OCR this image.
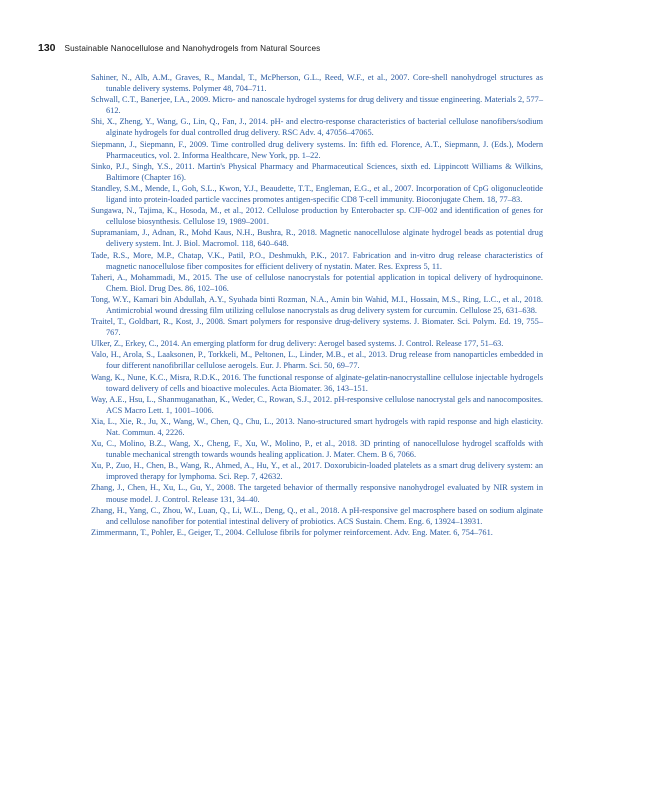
130 Sustainable Nanocellulose and Nanohydrogels from Natural Sources

Sahiner, N., Alb, A.M., Graves, R., Mandal, T., McPherson, G.L., Reed, W.F., et al., 2007. Core-shell nanohydrogel structures as tunable delivery systems. Polymer 48, 704–711.

Schwall, C.T., Banerjee, I.A., 2009. Micro- and nanoscale hydrogel systems for drug delivery and tissue engineering. Materials 2, 577–612.

Shi, X., Zheng, Y., Wang, G., Lin, Q., Fan, J., 2014. pH- and electro-response characteristics of bacterial cellulose nanofibers/sodium alginate hydrogels for dual controlled drug delivery. RSC Adv. 4, 47056–47065.

Siepmann, J., Siepmann, F., 2009. Time controlled drug delivery systems. In: fifth ed. Florence, A.T., Siepmann, J. (Eds.), Modern Pharmaceutics, vol. 2. Informa Healthcare, New York, pp. 1–22.

Sinko, P.J., Singh, Y.S., 2011. Martin's Physical Pharmacy and Pharmaceutical Sciences, sixth ed. Lippincott Williams & Wilkins, Baltimore (Chapter 16).

Standley, S.M., Mende, I., Goh, S.L., Kwon, Y.J., Beaudette, T.T., Engleman, E.G., et al., 2007. Incorporation of CpG oligonucleotide ligand into protein-loaded particle vaccines promotes antigen-specific CD8 T-cell immunity. Bioconjugate Chem. 18, 77–83.

Sungawa, N., Tajima, K., Hosoda, M., et al., 2012. Cellulose production by Enterobacter sp. CJF-002 and identification of genes for cellulose biosynthesis. Cellulose 19, 1989–2001.

Supramaniam, J., Adnan, R., Mohd Kaus, N.H., Bushra, R., 2018. Magnetic nanocellulose alginate hydrogel beads as potential drug delivery system. Int. J. Biol. Macromol. 118, 640–648.

Tade, R.S., More, M.P., Chatap, V.K., Patil, P.O., Deshmukh, P.K., 2017. Fabrication and in-vitro drug release characteristics of magnetic nanocellulose fiber composites for efficient delivery of nystatin. Mater. Res. Express 5, 11.

Taheri, A., Mohammadi, M., 2015. The use of cellulose nanocrystals for potential application in topical delivery of hydroquinone. Chem. Biol. Drug Des. 86, 102–106.

Tong, W.Y., Kamari bin Abdullah, A.Y., Syuhada binti Rozman, N.A., Amin bin Wahid, M.I., Hossain, M.S., Ring, L.C., et al., 2018. Antimicrobial wound dressing film utilizing cellulose nanocrystals as drug delivery system for curcumin. Cellulose 25, 631–638.

Traitel, T., Goldbart, R., Kost, J., 2008. Smart polymers for responsive drug-delivery systems. J. Biomater. Sci. Polym. Ed. 19, 755–767.

Ulker, Z., Erkey, C., 2014. An emerging platform for drug delivery: Aerogel based systems. J. Control. Release 177, 51–63.

Valo, H., Arola, S., Laaksonen, P., Torkkeli, M., Peltonen, L., Linder, M.B., et al., 2013. Drug release from nanoparticles embedded in four different nanofibrillar cellulose aerogels. Eur. J. Pharm. Sci. 50, 69–77.

Wang, K., Nune, K.C., Misra, R.D.K., 2016. The functional response of alginate-gelatin-nanocrystalline cellulose injectable hydrogels toward delivery of cells and bioactive molecules. Acta Biomater. 36, 143–151.

Way, A.E., Hsu, L., Shanmuganathan, K., Weder, C., Rowan, S.J., 2012. pH-responsive cellulose nanocrystal gels and nanocomposites. ACS Macro Lett. 1, 1001–1006.

Xia, L., Xie, R., Ju, X., Wang, W., Chen, Q., Chu, L., 2013. Nano-structured smart hydrogels with rapid response and high elasticity. Nat. Commun. 4, 2226.

Xu, C., Molino, B.Z., Wang, X., Cheng, F., Xu, W., Molino, P., et al., 2018. 3D printing of nanocellulose hydrogel scaffolds with tunable mechanical strength towards wounds healing application. J. Mater. Chem. B 6, 7066.

Xu, P., Zuo, H., Chen, B., Wang, R., Ahmed, A., Hu, Y., et al., 2017. Doxorubicin-loaded platelets as a smart drug delivery system: an improved therapy for lymphoma. Sci. Rep. 7, 42632.

Zhang, J., Chen, H., Xu, L., Gu, Y., 2008. The targeted behavior of thermally responsive nanohydrogel evaluated by NIR system in mouse model. J. Control. Release 131, 34–40.

Zhang, H., Yang, C., Zhou, W., Luan, Q., Li, W.L., Deng, Q., et al., 2018. A pH-responsive gel macrosphere based on sodium alginate and cellulose nanofiber for potential intestinal delivery of probiotics. ACS Sustain. Chem. Eng. 6, 13924–13931.

Zimmermann, T., Pohler, E., Geiger, T., 2004. Cellulose fibrils for polymer reinforcement. Adv. Eng. Mater. 6, 754–761.
